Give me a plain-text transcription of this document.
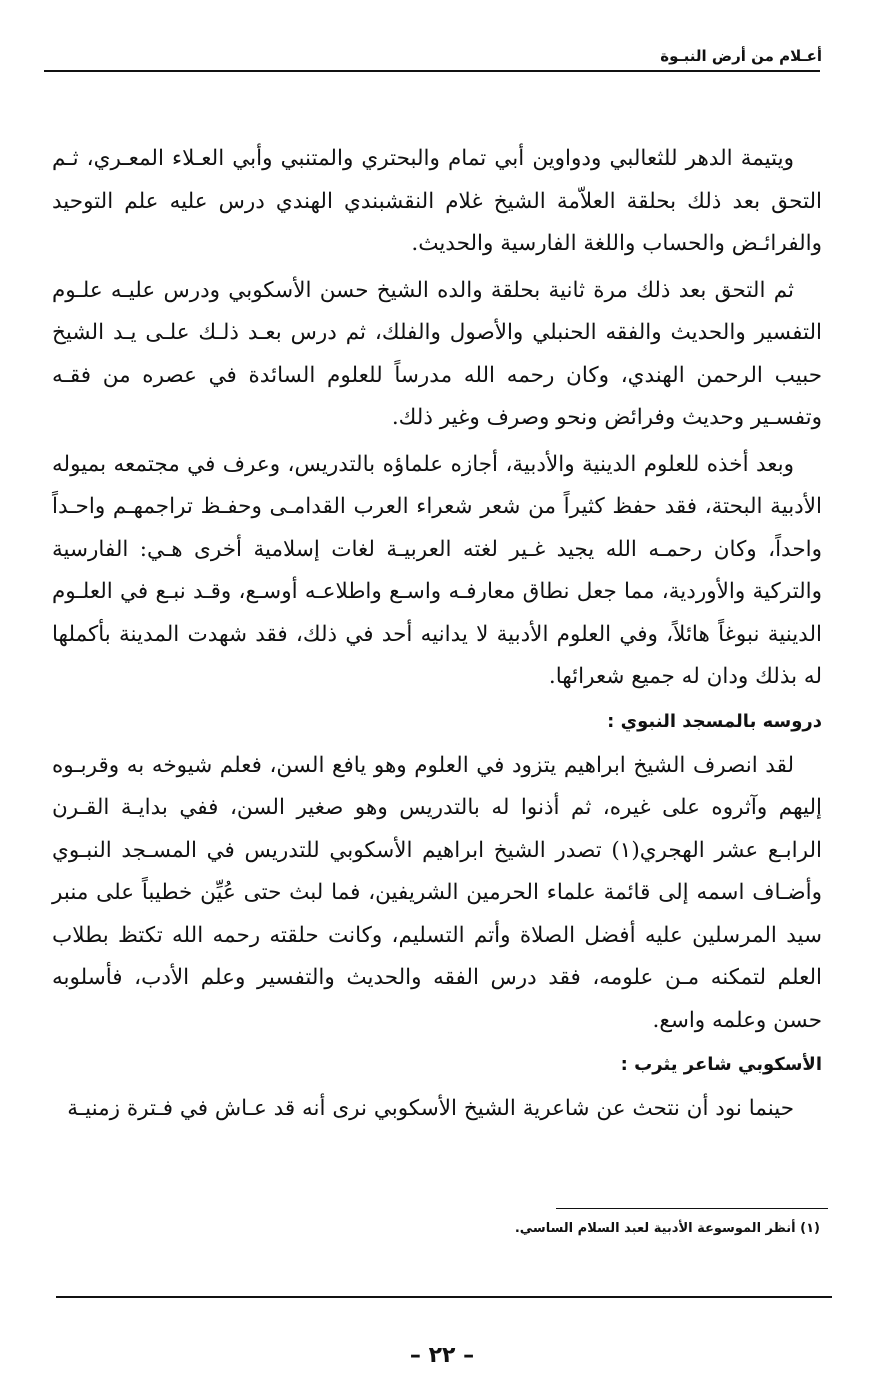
أعـلام من أرض النبـوة

ويتيمة الدهر للثعالبي ودواوين أبي تمام والبحتري والمتنبي وأبي العـلاء المعـري، ثـم التحق بعد ذلك بحلقة العلاّمة الشيخ غلام النقشبندي الهندي درس عليه علم التوحيد والفرائـض والحساب واللغة الفارسية والحديث.

ثم التحق بعد ذلك مرة ثانية بحلقة والده الشيخ حسن الأسكوبي ودرس عليـه علـوم التفسير والحديث والفقه الحنبلي والأصول والفلك، ثم درس بعـد ذلـك علـى يـد الشيخ حبيب الرحمن الهندي، وكان رحمه الله مدرساً للعلوم السائدة في عصره من فقـه وتفسـير وحديث وفرائض ونحو وصرف وغير ذلك.

وبعد أخذه للعلوم الدينية والأدبية، أجازه علماؤه بالتدريس، وعرف في مجتمعه بميوله الأدبية البحتة، فقد حفظ كثيراً من شعر شعراء العرب القدامـى وحفـظ تراجمهـم واحـداً واحداً، وكان رحمـه الله يجيد غـير لغته العربيـة لغات إسلامية أخرى هـي: الفارسية والتركية والأوردية، مما جعل نطاق معارفـه واسـع واطلاعـه أوسـع، وقـد نبـع في العلـوم الدينية نبوغاً هائلاً، وفي العلوم الأدبية لا يدانيه أحد في ذلك، فقد شهدت المدينة بأكملها له بذلك ودان له جميع شعرائها.

دروسه بالمسجد النبوي :

لقد انصرف الشيخ ابراهيم يتزود في العلوم وهو يافع السن، فعلم شيوخه به وقربـوه إليهم وآثروه على غيره، ثم أذنوا له بالتدريس وهو صغير السن، ففي بدايـة القـرن الرابـع عشر الهجري(١) تصدر الشيخ ابراهيم الأسكوبي للتدريس في المسـجد النبـوي وأضـاف اسمه إلى قائمة علماء الحرمين الشريفين، فما لبث حتى عُيِّن خطيباً على منبر سيد المرسلين عليه أفضل الصلاة وأتم التسليم، وكانت حلقته رحمه الله تكتظ بطلاب العلم لتمكنه مـن علومه، فقد درس الفقه والحديث والتفسير وعلم الأدب، فأسلوبه حسن وعلمه واسع.

الأسكوبي شاعر يثرب :

حينما نود أن نتحث عن شاعرية الشيخ الأسكوبي نرى أنه قد عـاش في فـترة زمنيـة

(١) أنظر الموسوعة الأدبية لعبد السلام الساسي.
– ٢٢ –
